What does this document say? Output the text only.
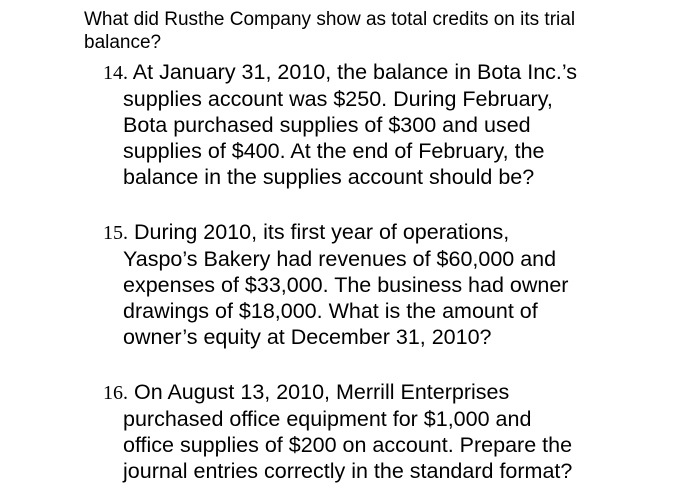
What did Rusthe Company show as total credits on its trial
balance?
14. At January 31, 2010, the balance in Bota Inc.’s
supplies account was $250. During February,
Bota purchased supplies of $300 and used
supplies of $400. At the end of February, the
balance in the supplies account should be?
15. During 2010, its first year of operations,
Yaspo’s Bakery had revenues of $60,000 and
expenses of $33,000. The business had owner
drawings of $18,000. What is the amount of
owner’s equity at December 31, 2010?
16. On August 13, 2010, Merrill Enterprises
purchased office equipment for $1,000 and
office supplies of $200 on account. Prepare the
journal entries correctly in the standard format?
